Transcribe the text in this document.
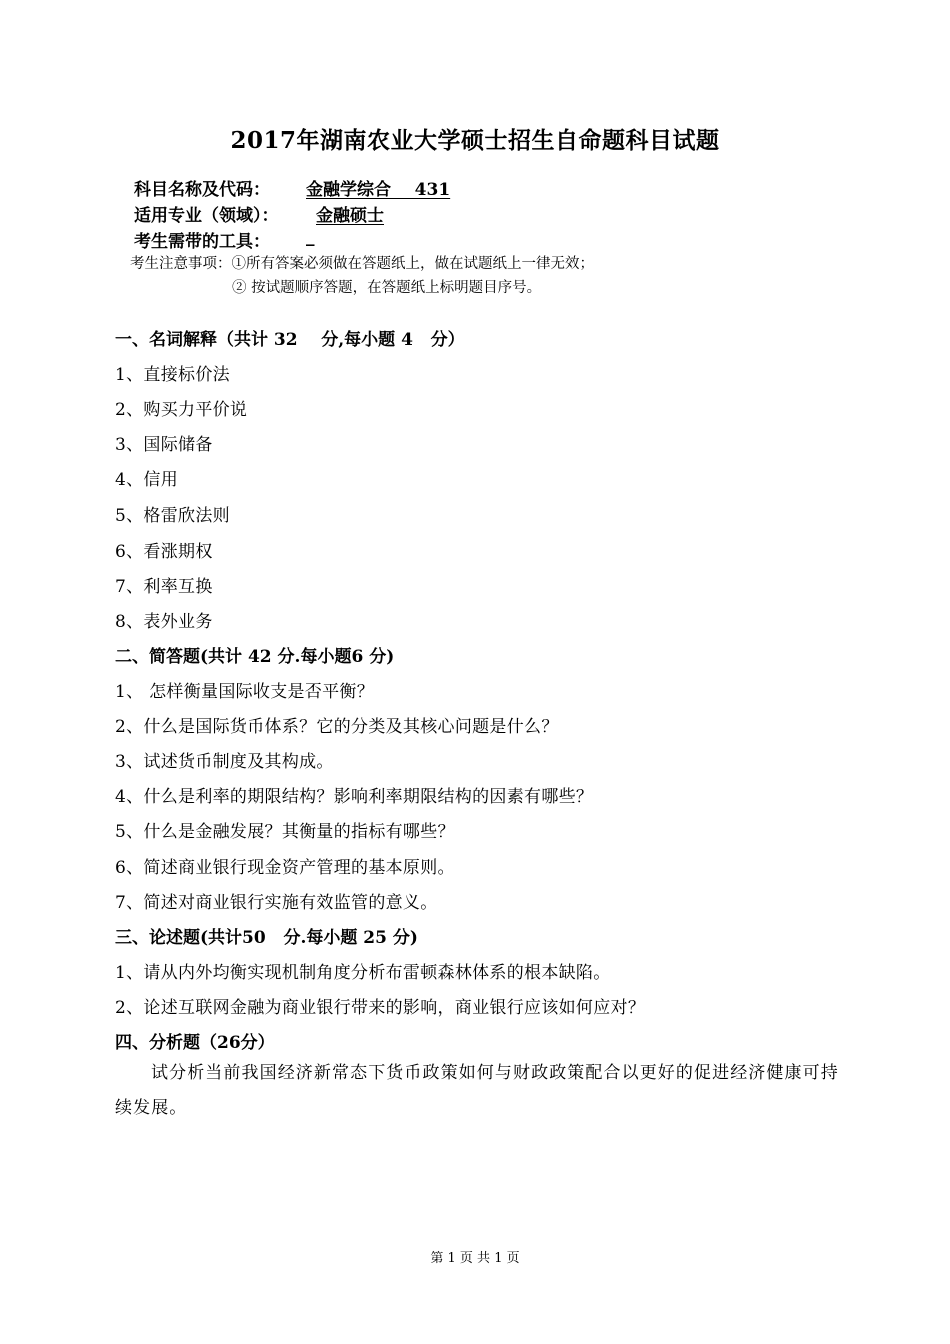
2017年湖南农业大学硕士招生自命题科目试题
科目名称及代码： 金融学综合    431
适用专业（领域）： 金融硕士
考生需带的工具： _
考生注意事项：①所有答案必须做在答题纸上，做在试题纸上一律无效；
② 按试题顺序答题，在答题纸上标明题目序号。
一、名词解释（共计 32    分,每小题 4   分）
1、直接标价法
2、购买力平价说
3、国际储备
4、信用
5、格雷欣法则
6、看涨期权
7、利率互换
8、表外业务
二、简答题(共计 42 分.每小题6 分)
1、 怎样衡量国际收支是否平衡？
2、什么是国际货币体系？它的分类及其核心问题是什么？
3、试述货币制度及其构成。
4、什么是利率的期限结构？影响利率期限结构的因素有哪些？
5、什么是金融发展？其衡量的指标有哪些？
6、简述商业银行现金资产管理的基本原则。
7、简述对商业银行实施有效监管的意义。
三、论述题(共计50   分.每小题 25 分)
1、请从内外均衡实现机制角度分析布雷顿森林体系的根本缺陷。
2、论述互联网金融为商业银行带来的影响，商业银行应该如何应对？
四、分析题（26分）
试分析当前我国经济新常态下货币政策如何与财政政策配合以更好的促进经济健康可持续发展。
第 1 页 共 1 页
